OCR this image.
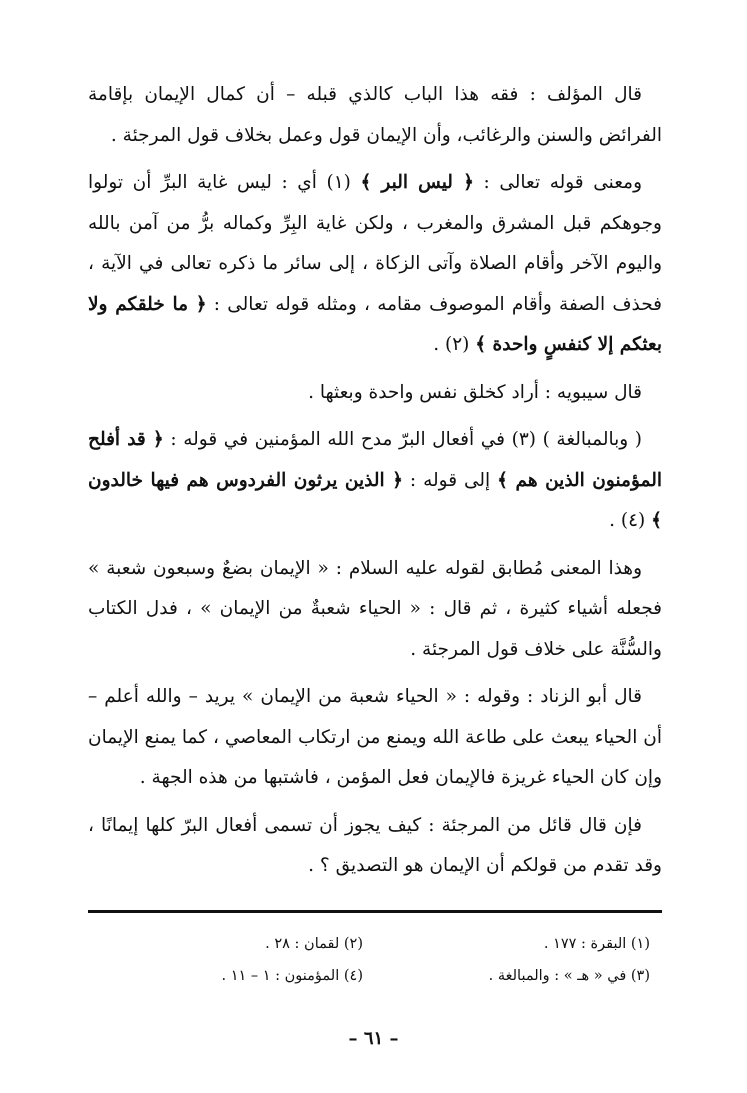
قال المؤلف : فقه هذا الباب كالذي قبله – أن كمال الإيمان بإقامة الفرائض والسنن والرغائب، وأن الإيمان قول وعمل بخلاف قول المرجئة .

ومعنى قوله تعالى : ﴿ ليس البر ﴾ (١) أي : ليس غاية البرِّ أن تولوا وجوهكم قبل المشرق والمغرب ، ولكن غاية البِرِّ وكماله برُّ من آمن بالله واليوم الآخر وأقام الصلاة وآتى الزكاة ، إلى سائر ما ذكره تعالى في الآية ، فحذف الصفة وأقام الموصوف مقامه ، ومثله قوله تعالى : ﴿ ما خلقكم ولا بعثكم إلا كنفسٍ واحدة ﴾ (٢) .

قال سيبويه : أراد كخلق نفس واحدة وبعثها .

( وبالمبالغة ) (٣) في أفعال البرّ مدح الله المؤمنين في قوله : ﴿ قد أفلح المؤمنون الذين هم ﴾ إلى قوله : ﴿ الذين يرثون الفردوس هم فيها خالدون ﴾ (٤) .

وهذا المعنى مُطابق لقوله عليه السلام : « الإيمان بضعٌ وسبعون شعبة » فجعله أشياء كثيرة ، ثم قال : « الحياء شعبةٌ من الإيمان » ، فدل الكتاب والسُّنَّة على خلاف قول المرجئة .

قال أبو الزناد : وقوله : « الحياء شعبة من الإيمان » يريد – والله أعلم – أن الحياء يبعث على طاعة الله ويمنع من ارتكاب المعاصي ، كما يمنع الإيمان وإن كان الحياء غريزة فالإيمان فعل المؤمن ، فاشتبها من هذه الجهة .

فإن قال قائل من المرجئة : كيف يجوز أن تسمى أفعال البرّ كلها إيمانًا ، وقد تقدم من قولكم أن الإيمان هو التصديق ؟ .

(١) البقرة : ١٧٧ .
(٢) لقمان : ٢٨ .
(٣) في « هـ » : والمبالغة .
(٤) المؤمنون : ١ – ١١ .
– ٦١ –
